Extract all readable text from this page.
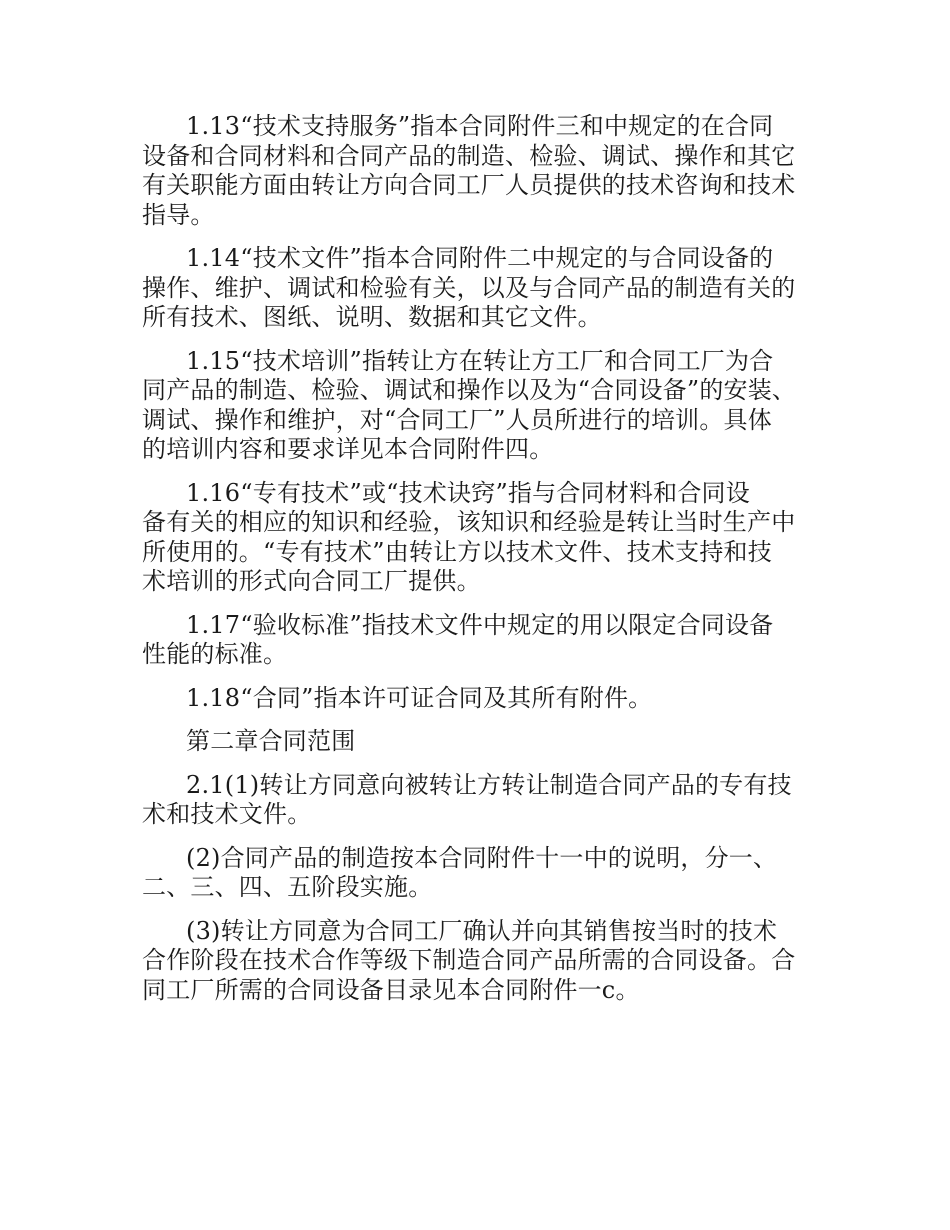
1.13“技术支持服务”指本合同附件三和中规定的在合同
设备和合同材料和合同产品的制造、检验、调试、操作和其它
有关职能方面由转让方向合同工厂人员提供的技术咨询和技术
指导。
1.14“技术文件”指本合同附件二中规定的与合同设备的
操作、维护、调试和检验有关，以及与合同产品的制造有关的
所有技术、图纸、说明、数据和其它文件。
1.15“技术培训”指转让方在转让方工厂和合同工厂为合
同产品的制造、检验、调试和操作以及为“合同设备”的安装、
调试、操作和维护，对“合同工厂”人员所进行的培训。具体
的培训内容和要求详见本合同附件四。
1.16“专有技术”或“技术诀窍”指与合同材料和合同设
备有关的相应的知识和经验，该知识和经验是转让当时生产中
所使用的。“专有技术”由转让方以技术文件、技术支持和技
术培训的形式向合同工厂提供。
1.17“验收标准”指技术文件中规定的用以限定合同设备
性能的标准。
1.18“合同”指本许可证合同及其所有附件。
第二章合同范围
2.1(1)转让方同意向被转让方转让制造合同产品的专有技
术和技术文件。
(2)合同产品的制造按本合同附件十一中的说明，分一、
二、三、四、五阶段实施。
(3)转让方同意为合同工厂确认并向其销售按当时的技术
合作阶段在技术合作等级下制造合同产品所需的合同设备。合
同工厂所需的合同设备目录见本合同附件一c。
